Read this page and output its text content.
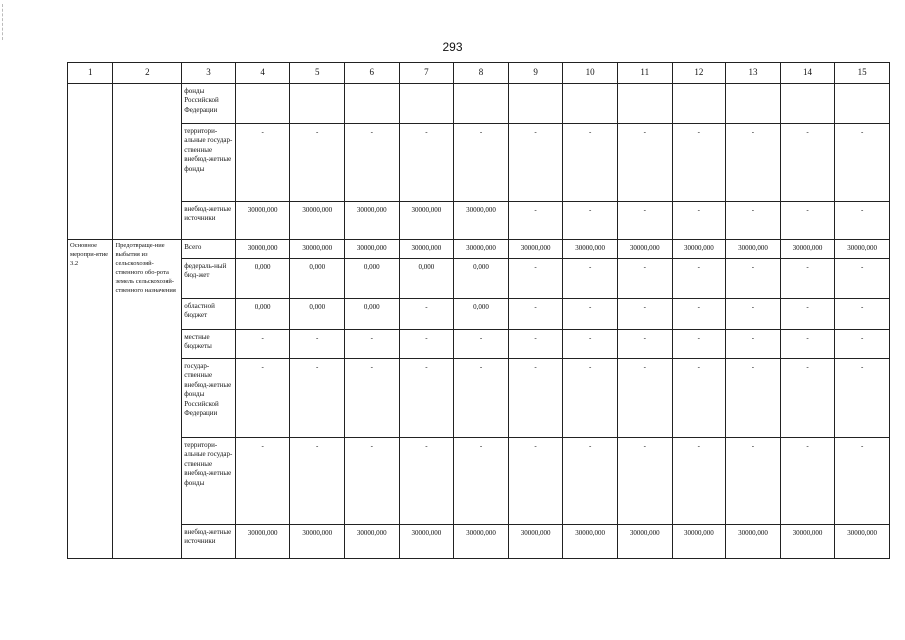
293
1	2	3	4	5	6	7	8	9	10	11	12	13	14	15
		фонды Российской Федерации												
		территори-альные государ-ственные внебюд-жетные фонды	-	-	-	-	-	-	-	-	-	-	-	-
		внебюд-жетные источники	30000,000	30000,000	30000,000	30000,000	30000,000	-	-	-	-	-	-	-
Основное меропри-ятие 3.2	Предотвраще-ние выбытия из сельскохозяй-ственного обо-рота земель сельскохозяй-ственного назначения	Всего	30000,000	30000,000	30000,000	30000,000	30000,000	30000,000	30000,000	30000,000	30000,000	30000,000	30000,000	30000,000
		федераль-ный бюд-жет	0,000	0,000	0,000	0,000	0,000	-	-	-	-	-	-	-
		областной бюджет	0,000	0,000	0,000	-	0,000	-	-	-	-	-	-	-
		местные бюджеты	-	-	-	-	-	-	-	-	-	-	-	-
		государ-ственные внебюд-жетные фонды Российской Федерации	-	-	-	-	-	-	-	-	-	-	-	-
		территори-альные государ-ственные внебюд-жетные фонды	-	-	-	-	-	-	-	-	-	-	-	-
		внебюд-жетные источники	30000,000	30000,000	30000,000	30000,000	30000,000	30000,000	30000,000	30000,000	30000,000	30000,000	30000,000	30000,000
